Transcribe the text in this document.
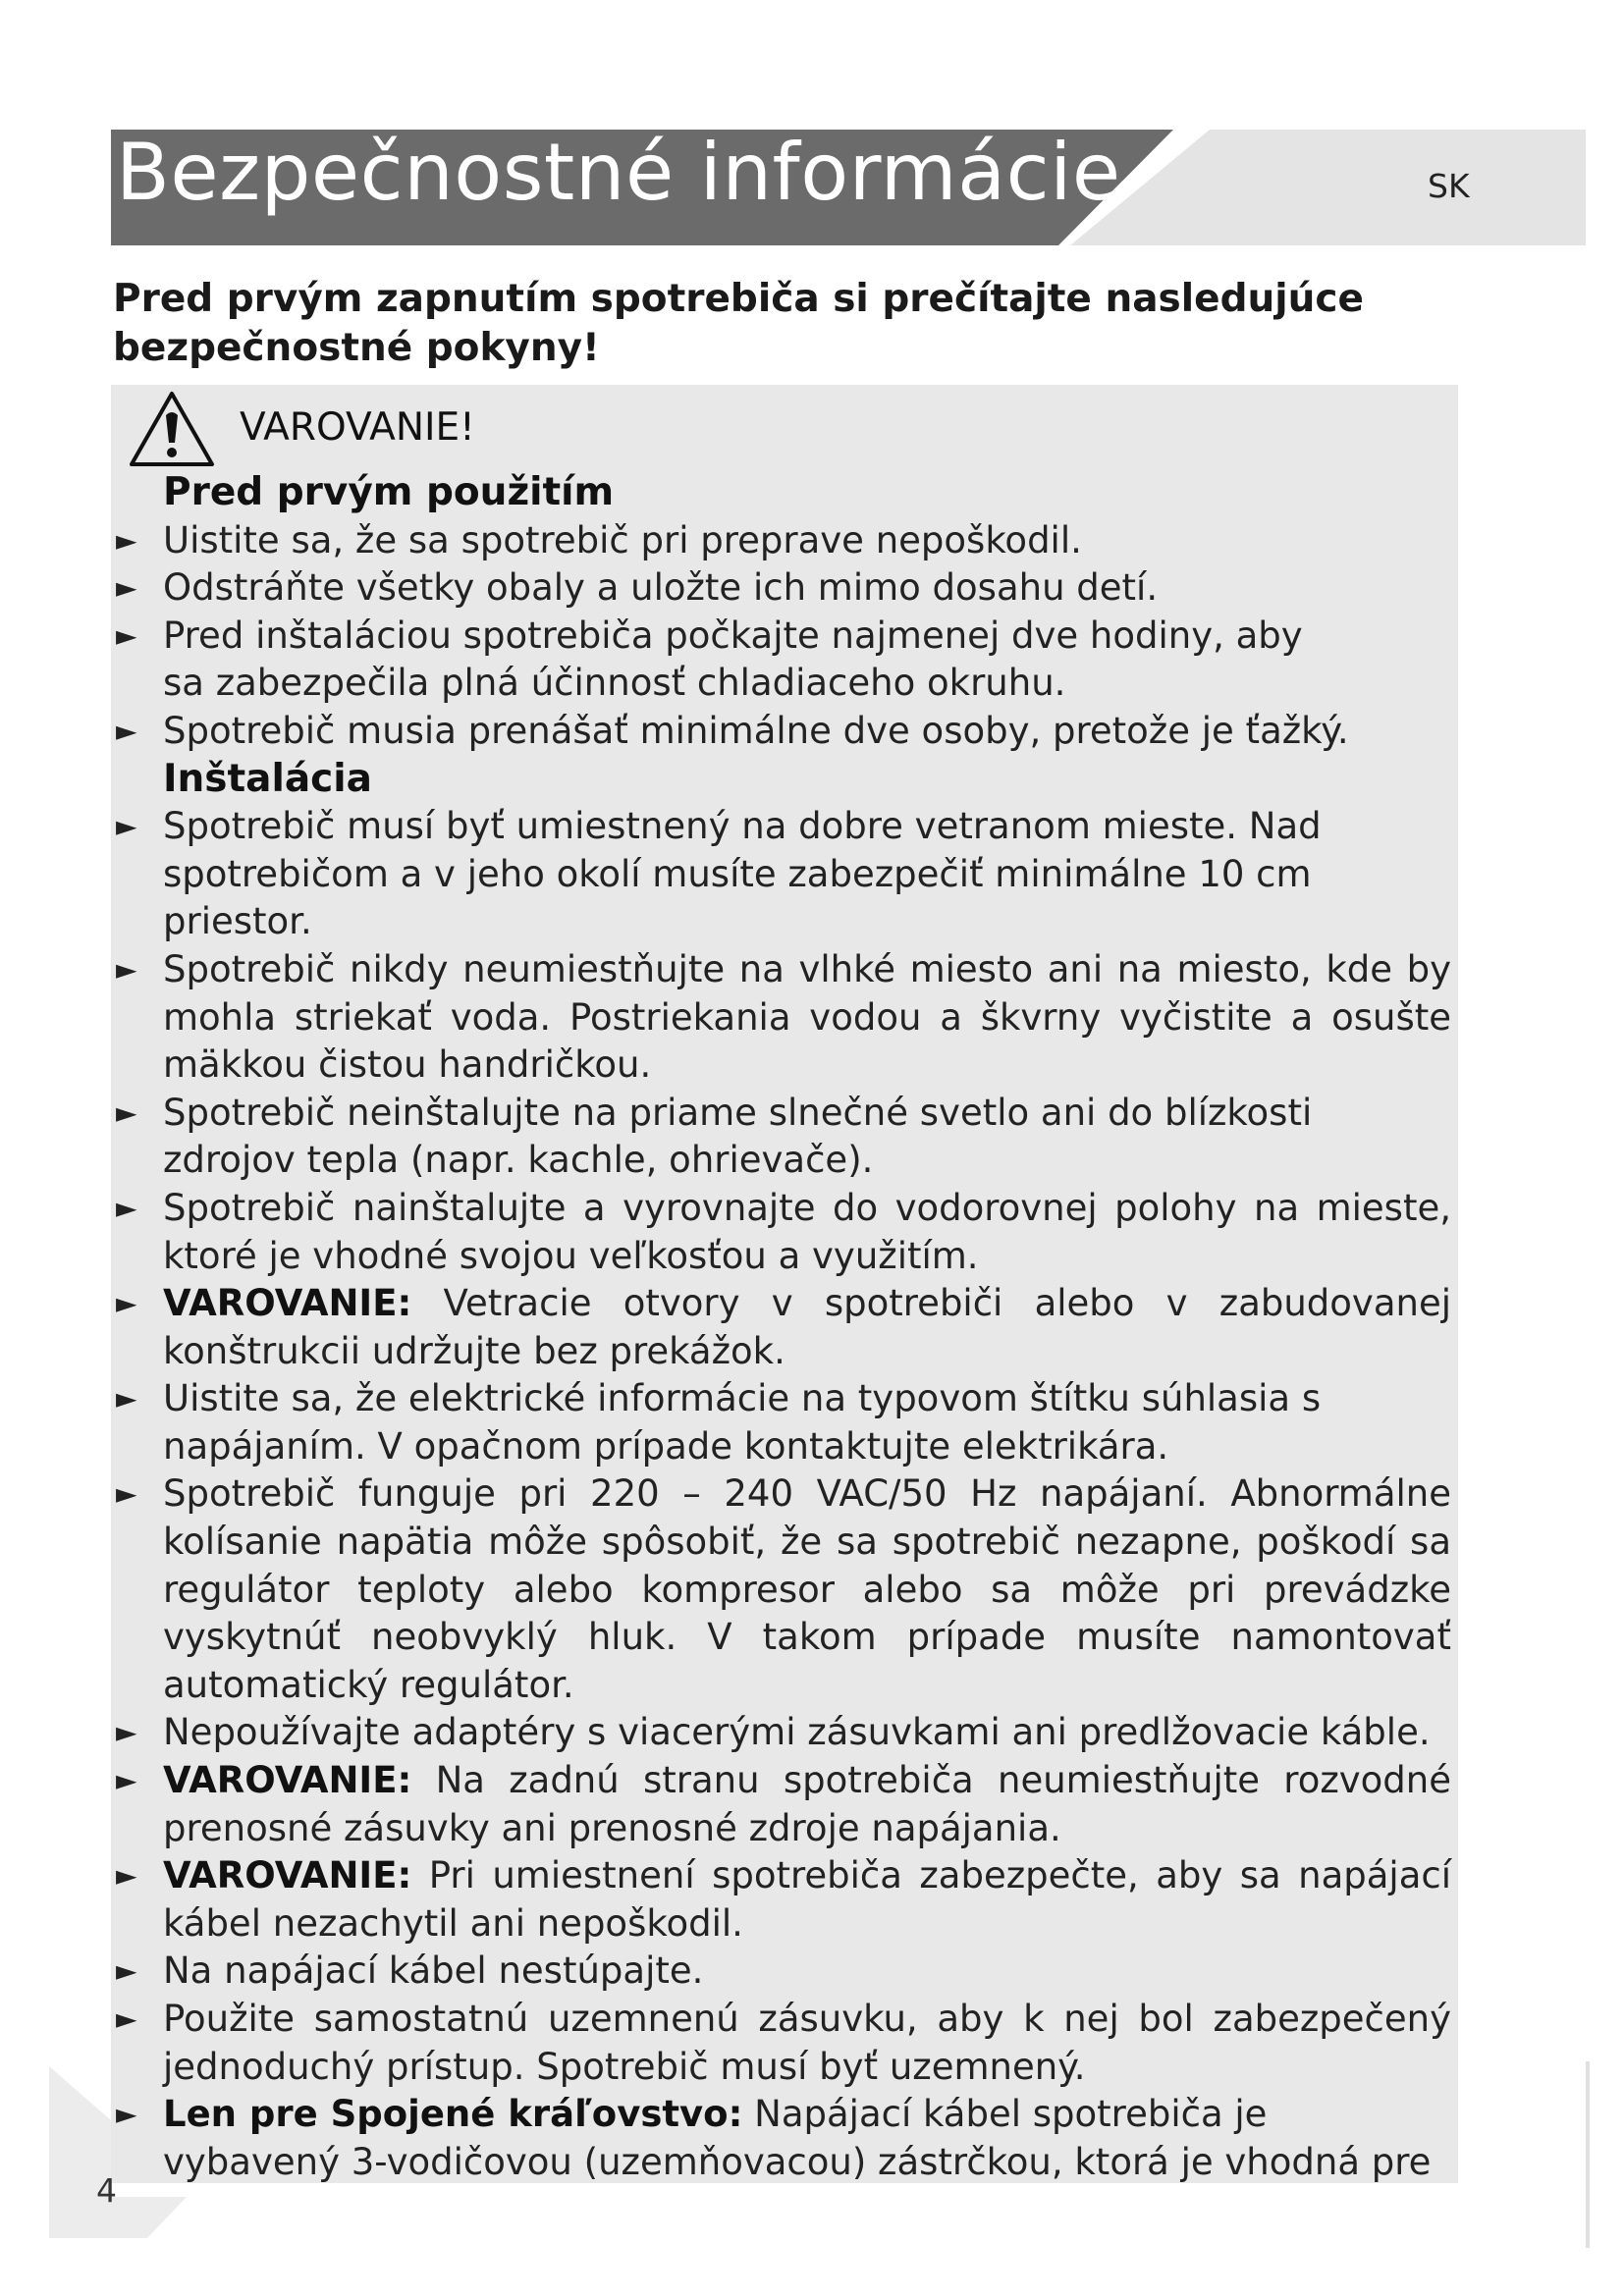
Bezpečnostné informácie	SK
Pred prvým zapnutím spotrebiča si prečítajte nasledujúce bezpečnostné pokyny!
VAROVANIE!
Pred prvým použitím
► Uistite sa, že sa spotrebič pri preprave nepoškodil.
► Odstráňte všetky obaly a uložte ich mimo dosahu detí.
► Pred inštaláciou spotrebiča počkajte najmenej dve hodiny, aby sa zabezpečila plná účinnosť chladiaceho okruhu.
► Spotrebič musia prenášať minimálne dve osoby, pretože je ťažký.
Inštalácia
► Spotrebič musí byť umiestnený na dobre vetranom mieste. Nad spotrebičom a v jeho okolí musíte zabezpečiť minimálne 10 cm priestor.
► Spotrebič nikdy neumiestňujte na vlhké miesto ani na miesto, kde by mohla striekať voda. Postriekania vodou a škvrny vyčistite a osušte mäkkou čistou handričkou.
► Spotrebič neinštalujte na priame slnečné svetlo ani do blízkosti zdrojov tepla (napr. kachle, ohrievače).
► Spotrebič nainštalujte a vyrovnajte do vodorovnej polohy na mieste, ktoré je vhodné svojou veľkosťou a využitím.
► VAROVANIE: Vetracie otvory v spotrebiči alebo v zabudovanej konštrukcii udržujte bez prekážok.
► Uistite sa, že elektrické informácie na typovom štítku súhlasia s napájaním. V opačnom prípade kontaktujte elektrikára.
► Spotrebič funguje pri 220 – 240 VAC/50 Hz napájaní. Abnormálne kolísanie napätia môže spôsobiť, že sa spotrebič nezapne, poškodí sa regulátor teploty alebo kompresor alebo sa môže pri prevádzke vyskytnúť neobvyklý hluk. V takom prípade musíte namontovať automatický regulátor.
► Nepoužívajte adaptéry s viacerými zásuvkami ani predlžovacie káble.
► VAROVANIE: Na zadnú stranu spotrebiča neumiestňujte rozvodné prenosné zásuvky ani prenosné zdroje napájania.
► VAROVANIE: Pri umiestnení spotrebiča zabezpečte, aby sa napájací kábel nezachytil ani nepoškodil.
► Na napájací kábel nestúpajte.
► Použite samostatnú uzemnenú zásuvku, aby k nej bol zabezpečený jednoduchý prístup. Spotrebič musí byť uzemnený.
► Len pre Spojené kráľovstvo: Napájací kábel spotrebiča je vybavený 3-vodičovou (uzemňovacou) zástrčkou, ktorá je vhodná pre
4
